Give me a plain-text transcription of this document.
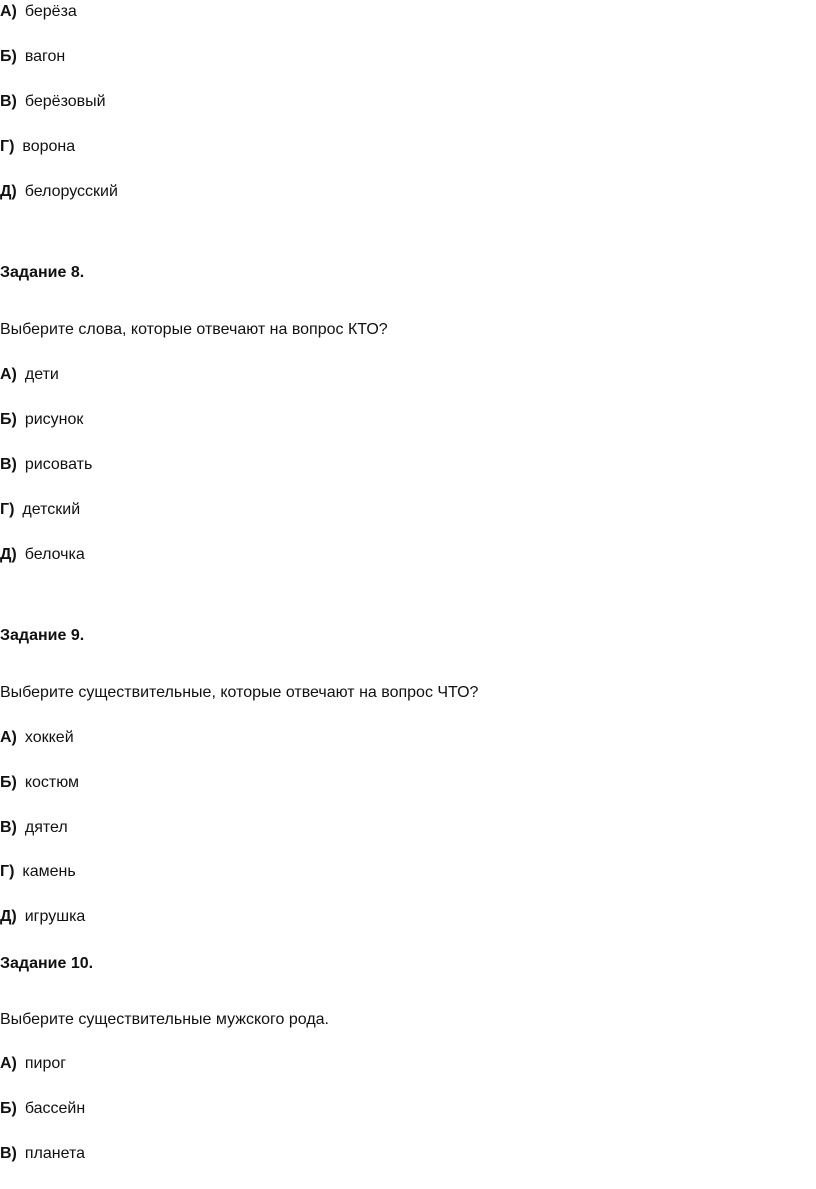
А) берёза
Б) вагон
В) берёзовый
Г) ворона
Д) белорусский
Задание 8.
Выберите слова, которые отвечают на вопрос КТО?
А) дети
Б) рисунок
В) рисовать
Г) детский
Д) белочка
Задание 9.
Выберите существительные, которые отвечают на вопрос ЧТО?
А) хоккей
Б) костюм
В) дятел
Г) камень
Д) игрушка
Задание 10.
Выберите существительные мужского рода.
А) пирог
Б) бассейн
В) планета
